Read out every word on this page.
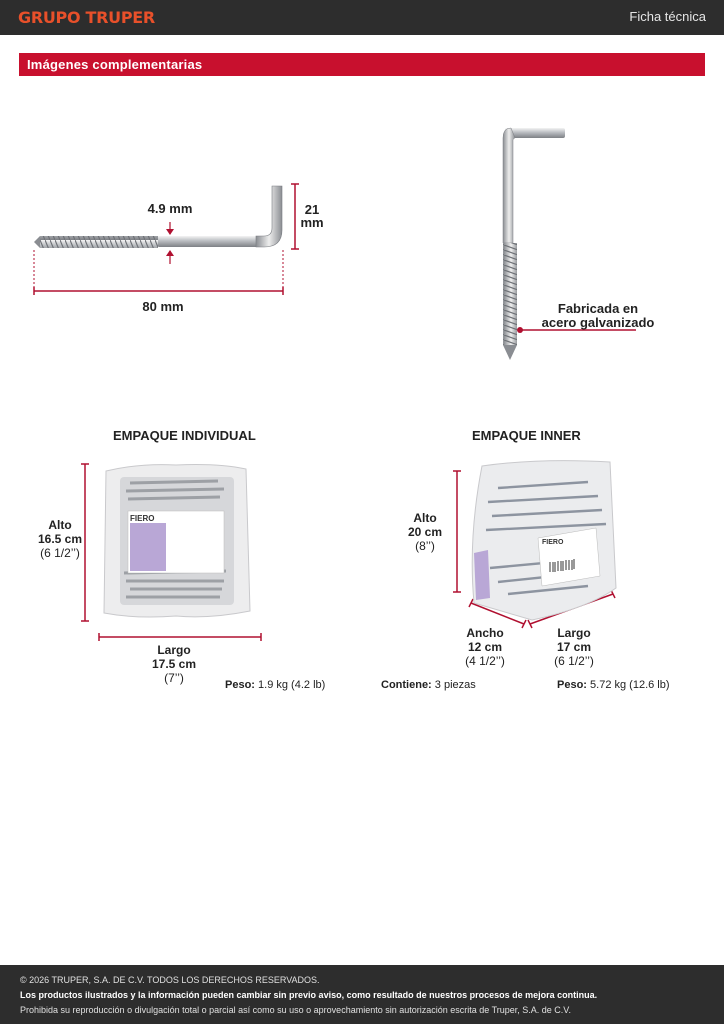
GRUPO TRUPER	Ficha técnica
Imágenes complementarias
FIERO
FIERO
4.9 mm	21
mm
80 mm	Fabricada en
acero galvanizado
EMPAQUE INDIVIDUAL
Alto
16.5 cm
(6 1/2’’)
Largo
17.5 cm
(7’’)	Peso: 1.9 kg (4.2 lb)
EMPAQUE INNER
Alto
20 cm
(8’’)
Ancho
12 cm
(4 1/2’’)
Largo
17 cm
(6 1/2’’)
Contiene: 3 piezas	Peso: 5.72 kg (12.6 lb)
© 2026 TRUPER, S.A. DE C.V. TODOS LOS DERECHOS RESERVADOS.
Los productos ilustrados y la información pueden cambiar sin previo aviso, como resultado de nuestros procesos de mejora continua.
Prohibida su reproducción o divulgación total o parcial así como su uso o aprovechamiento sin autorización escrita de Truper, S.A. de C.V.
